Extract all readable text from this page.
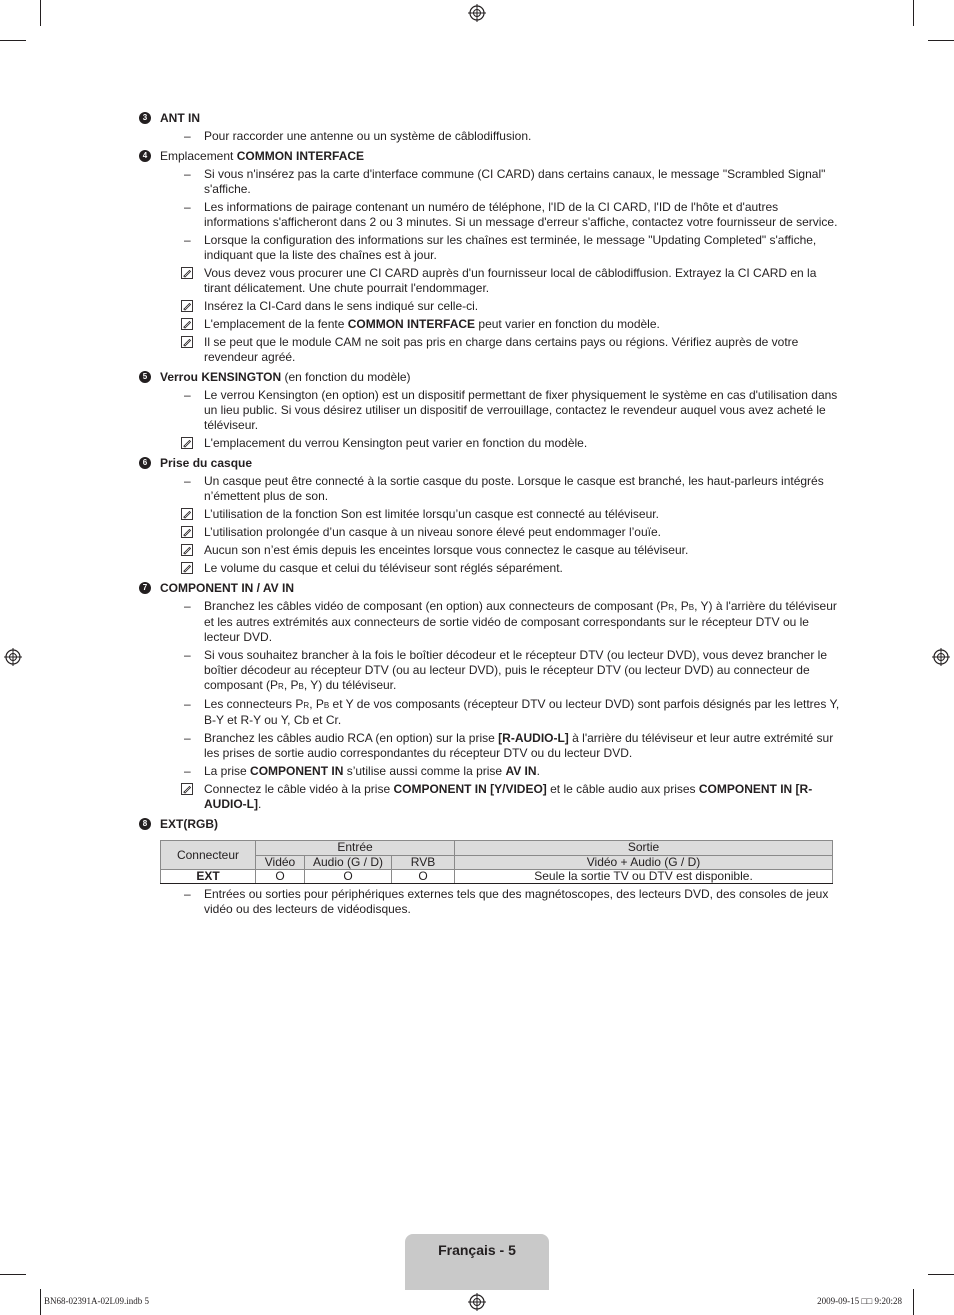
3	ANT IN
–	Pour raccorder une antenne ou un système de câblodiffusion.
4	Emplacement COMMON INTERFACE
–	Si vous n'insérez pas la carte d'interface commune (CI CARD) dans certains canaux, le message "Scrambled Signal" s'affiche.
–	Les informations de pairage contenant un numéro de téléphone, l'ID de la CI CARD, l'ID de l'hôte et d'autres informations s'afficheront dans 2 ou 3 minutes. Si un message d'erreur s'affiche, contactez votre fournisseur de service.
–	Lorsque la configuration des informations sur les chaînes est terminée, le message "Updating Completed" s'affiche, indiquant que la liste des chaînes est à jour.
Vous devez vous procurer une CI CARD auprès d'un fournisseur local de câblodiffusion. Extrayez la CI CARD en la tirant délicatement. Une chute pourrait l'endommager.
Insérez la CI-Card dans le sens indiqué sur celle-ci.
L'emplacement de la fente COMMON INTERFACE peut varier en fonction du modèle.
Il se peut que le module CAM ne soit pas pris en charge dans certains pays ou régions. Vérifiez auprès de votre revendeur agréé.
5	Verrou KENSINGTON (en fonction du modèle)
–	Le verrou Kensington (en option) est un dispositif permettant de fixer physiquement le système en cas d'utilisation dans un lieu public. Si vous désirez utiliser un dispositif de verrouillage, contactez le revendeur auquel vous avez acheté le téléviseur.
L'emplacement du verrou Kensington peut varier en fonction du modèle.
6	Prise du casque
–	Un casque peut être connecté à la sortie casque du poste. Lorsque le casque est branché, les haut-parleurs intégrés n’émettent plus de son.
L’utilisation de la fonction Son est limitée lorsqu’un casque est connecté au téléviseur.
L’utilisation prolongée d’un casque à un niveau sonore élevé peut endommager l’ouïe.
Aucun son n’est émis depuis les enceintes lorsque vous connectez le casque au téléviseur.
Le volume du casque et celui du téléviseur sont réglés séparément.
7	COMPONENT IN / AV IN
–	Branchez les câbles vidéo de composant (en option) aux connecteurs de composant (PR, PB, Y) à l'arrière du téléviseur et les autres extrémités aux connecteurs de sortie vidéo de composant correspondants sur le récepteur DTV ou le lecteur DVD.
–	Si vous souhaitez brancher à la fois le boîtier décodeur et le récepteur DTV (ou lecteur DVD), vous devez brancher le boîtier décodeur au récepteur DTV (ou au lecteur DVD), puis le récepteur DTV (ou lecteur DVD) au connecteur de composant (PR, PB, Y) du téléviseur.
–	Les connecteurs PR, PB et Y de vos composants (récepteur DTV ou lecteur DVD) sont parfois désignés par les lettres Y, B-Y et R-Y ou Y, Cb et Cr.
–	Branchez les câbles audio RCA (en option) sur la prise [R-AUDIO-L] à l'arrière du téléviseur et leur autre extrémité sur les prises de sortie audio correspondantes du récepteur DTV ou du lecteur DVD.
–	La prise COMPONENT IN s’utilise aussi comme la prise AV IN.
Connectez le câble vidéo à la prise COMPONENT IN [Y/VIDEO] et le câble audio aux prises COMPONENT IN [R-AUDIO-L].
8	EXT(RGB)
Connecteur	Entrée			Sortie
	Vidéo	Audio (G / D)	RVB	Vidéo + Audio (G / D)
EXT	O	O	O	Seule la sortie TV ou DTV est disponible.
–	Entrées ou sorties pour périphériques externes tels que des magnétoscopes, des lecteurs DVD, des consoles de jeux vidéo ou des lecteurs de vidéodisques.
Français - 5
BN68-02391A-02L09.indb 5	2009-09-15 □□ 9:20:28
